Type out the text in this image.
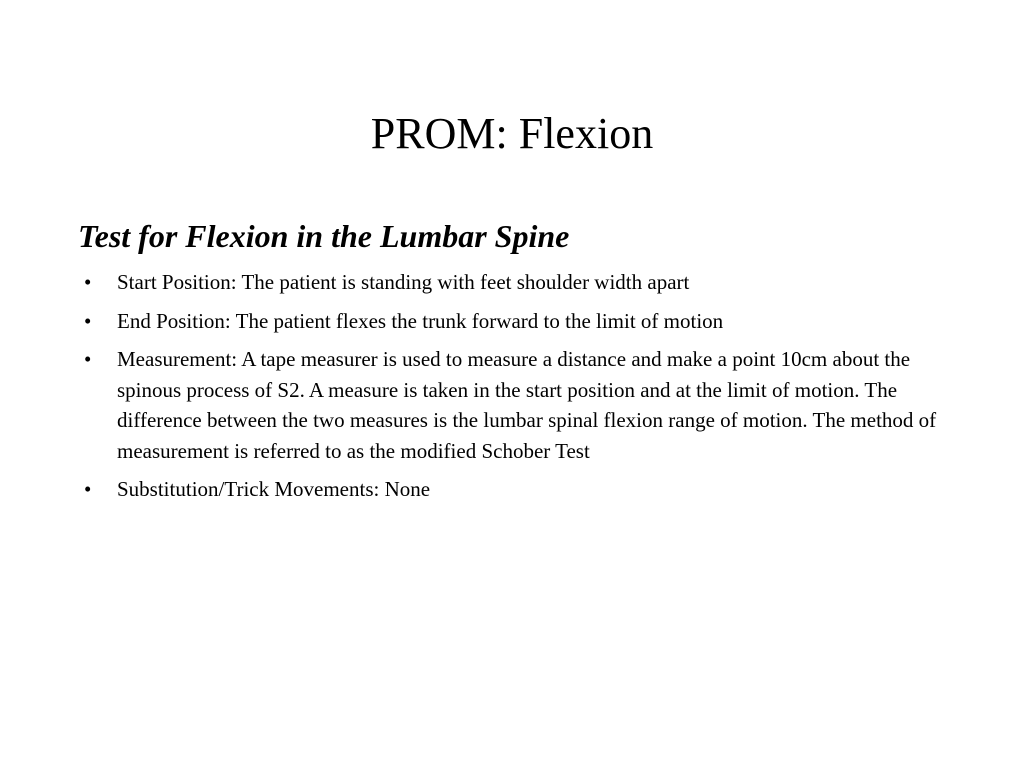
PROM: Flexion
Test for Flexion in the Lumbar Spine
• Start Position: The patient is standing with feet shoulder width apart
• End Position: The patient flexes the trunk forward to the limit of motion
• Measurement: A tape measurer is used to measure a distance and make a point 10cm about the spinous process of S2. A measure is taken in the start position and at the limit of motion. The difference between the two measures is the lumbar spinal flexion range of motion. The method of measurement is referred to as the modified Schober Test
• Substitution/Trick Movements: None
